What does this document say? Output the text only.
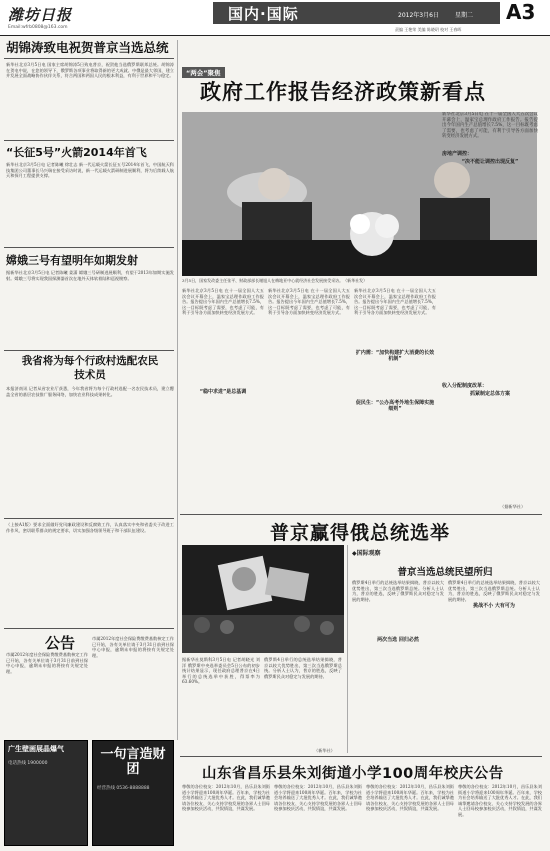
潍坊日报
Email:wfrb0808@163.com
国内·国际	2012年3月6日	星期二 A3
责编 王艳荣 美编 陈晓玥 校对 王春晖
胡锦涛致电祝贺普京当选总统
新华社北京3月5日电 国家主席胡锦涛5日致电普京，祝贺他当选俄罗斯联邦总统。胡锦涛在贺电中说，在您的领导下，俄罗斯各项事业将取得新的更大成就。中俄是最大邻国，建立并发展全面战略协作伙伴关系，符合两国和两国人民的根本利益，有利于世界和平与稳定。
“长征5号”火箭2014年首飞
新华社北京3月5日电 记者陈曦 徐壮志 新一代运载火箭长征五号2014年首飞，中国航天科技集团公司董事长马兴瑞在接受采访时说，新一代运载火箭研制进展顺利，将为后续载人航天和探月工程提供支撑。
嫦娥三号有望明年如期发射
据新华社北京3月5日电 记者陈曦 姜潇 嫦娥三号研制进展顺利，有望于2013年如期实施发射。嫦娥三号将实现我国探测器首次在地外天体软着陆和巡视勘察。
我省将为每个行政村选配农民技术员
本报济南讯 记者从省农业厅获悉，今年我省将为每个行政村选配一名农民技术员，建立覆盖全省的基层农技推广服务网络，加快农业科技成果转化。
（上接A1版）要求全面做好党风廉政建设和反腐败工作，认真落实中央和省委关于改进工作作风、密切联系群众的规定要求，切实加强各级领导班子和干部队伍建设。
公告
市属2012年度社会保险费缴费基数核定工作已开始，各有关单位请于3月31日前到社保中心申报，逾期未申报的将按有关规定处理。
市属2012年度社会保险费缴费基数核定工作已开始，各有关单位请于3月31日前到社保中心申报，逾期未申报的将按有关规定处理。
广生壁画展晶爆气
电话热线 1900000
一句言造财团
经营热线 0536-8888888
“两会”聚焦
政府工作报告经济政策新看点
3月5日，国家发改委主任张平、财政部部长谢旭人在梅地亚中心就经济社会发展接受采访。（新华社发）
新华社北京3月5日电 在十一届全国人大五次会议开幕会上，温家宝总理作政府工作报告。报告提出今年国内生产总值增长7.5%，这一目标既考虑了需要，也考虑了可能，有利于引导各方面加快转变经济发展方式。
“稳中求进”是总基调
新华社北京3月5日电 在十一届全国人大五次会议开幕会上，温家宝总理作政府工作报告。报告提出今年国内生产总值增长7.5%，这一目标既考虑了需要，也考虑了可能，有利于引导各方面加快转变经济发展方式。
新华社北京3月5日电 在十一届全国人大五次会议开幕会上，温家宝总理作政府工作报告。报告提出今年国内生产总值增长7.5%，这一目标既考虑了需要，也考虑了可能，有利于引导各方面加快转变经济发展方式。
扩内需：“加快构建扩大消费的长效机制”
促民生：“公办高考外地生保障实施细则”
新华社北京3月5日电 在十一届全国人大五次会议开幕会上，温家宝总理作政府工作报告。报告提出今年国内生产总值增长7.5%，这一目标既考虑了需要，也考虑了可能，有利于引导各方面加快转变经济发展方式。
房地产调控：
“决不能让调控出现反复”
收入分配制度改革：
抓紧制定总体方案
（据新华社）
普京赢得俄总统选举
据新华社莫斯科3月5日电 记者胡晓光 刘洋 俄罗斯中央选举委员会5日公布的初步统计结果显示，现任政府总理普京在4日举行的总统选举中获胜，得票率为63.60%。
俄罗斯4日举行的总统选举结果揭晓，普京以较大优势胜出，第三次当选俄罗斯总统。分析人士认为，普京的胜选，反映了俄罗斯民众对稳定与发展的期待。
（新华社）
◆国际观察
普京当选总统民望所归
俄罗斯4日举行的总统选举结果揭晓，普京以较大优势胜出，第三次当选俄罗斯总统。分析人士认为，普京的胜选，反映了俄罗斯民众对稳定与发展的期待。
两次当选 回归必然
俄罗斯4日举行的总统选举结果揭晓，普京以较大优势胜出，第三次当选俄罗斯总统。分析人士认为，普京的胜选，反映了俄罗斯民众对稳定与发展的期待。
挑战不小 大有可为
山东省昌乐县朱刘街道小学100周年校庆公告
尊敬的各位校友：2012年10月，昌乐县朱刘街道小学将迎来100周年华诞。百年来，学校为社会培养输送了大批优秀人才。在此，我们诚挚邀请各位校友、关心支持学校发展的各界人士回母校参加校庆活动，共叙情谊，共谋发展。
尊敬的各位校友：2012年10月，昌乐县朱刘街道小学将迎来100周年华诞。百年来，学校为社会培养输送了大批优秀人才。在此，我们诚挚邀请各位校友、关心支持学校发展的各界人士回母校参加校庆活动，共叙情谊，共谋发展。
尊敬的各位校友：2012年10月，昌乐县朱刘街道小学将迎来100周年华诞。百年来，学校为社会培养输送了大批优秀人才。在此，我们诚挚邀请各位校友、关心支持学校发展的各界人士回母校参加校庆活动，共叙情谊，共谋发展。
尊敬的各位校友：2012年10月，昌乐县朱刘街道小学将迎来100周年华诞。百年来，学校为社会培养输送了大批优秀人才。在此，我们诚挚邀请各位校友、关心支持学校发展的各界人士回母校参加校庆活动，共叙情谊，共谋发展。
